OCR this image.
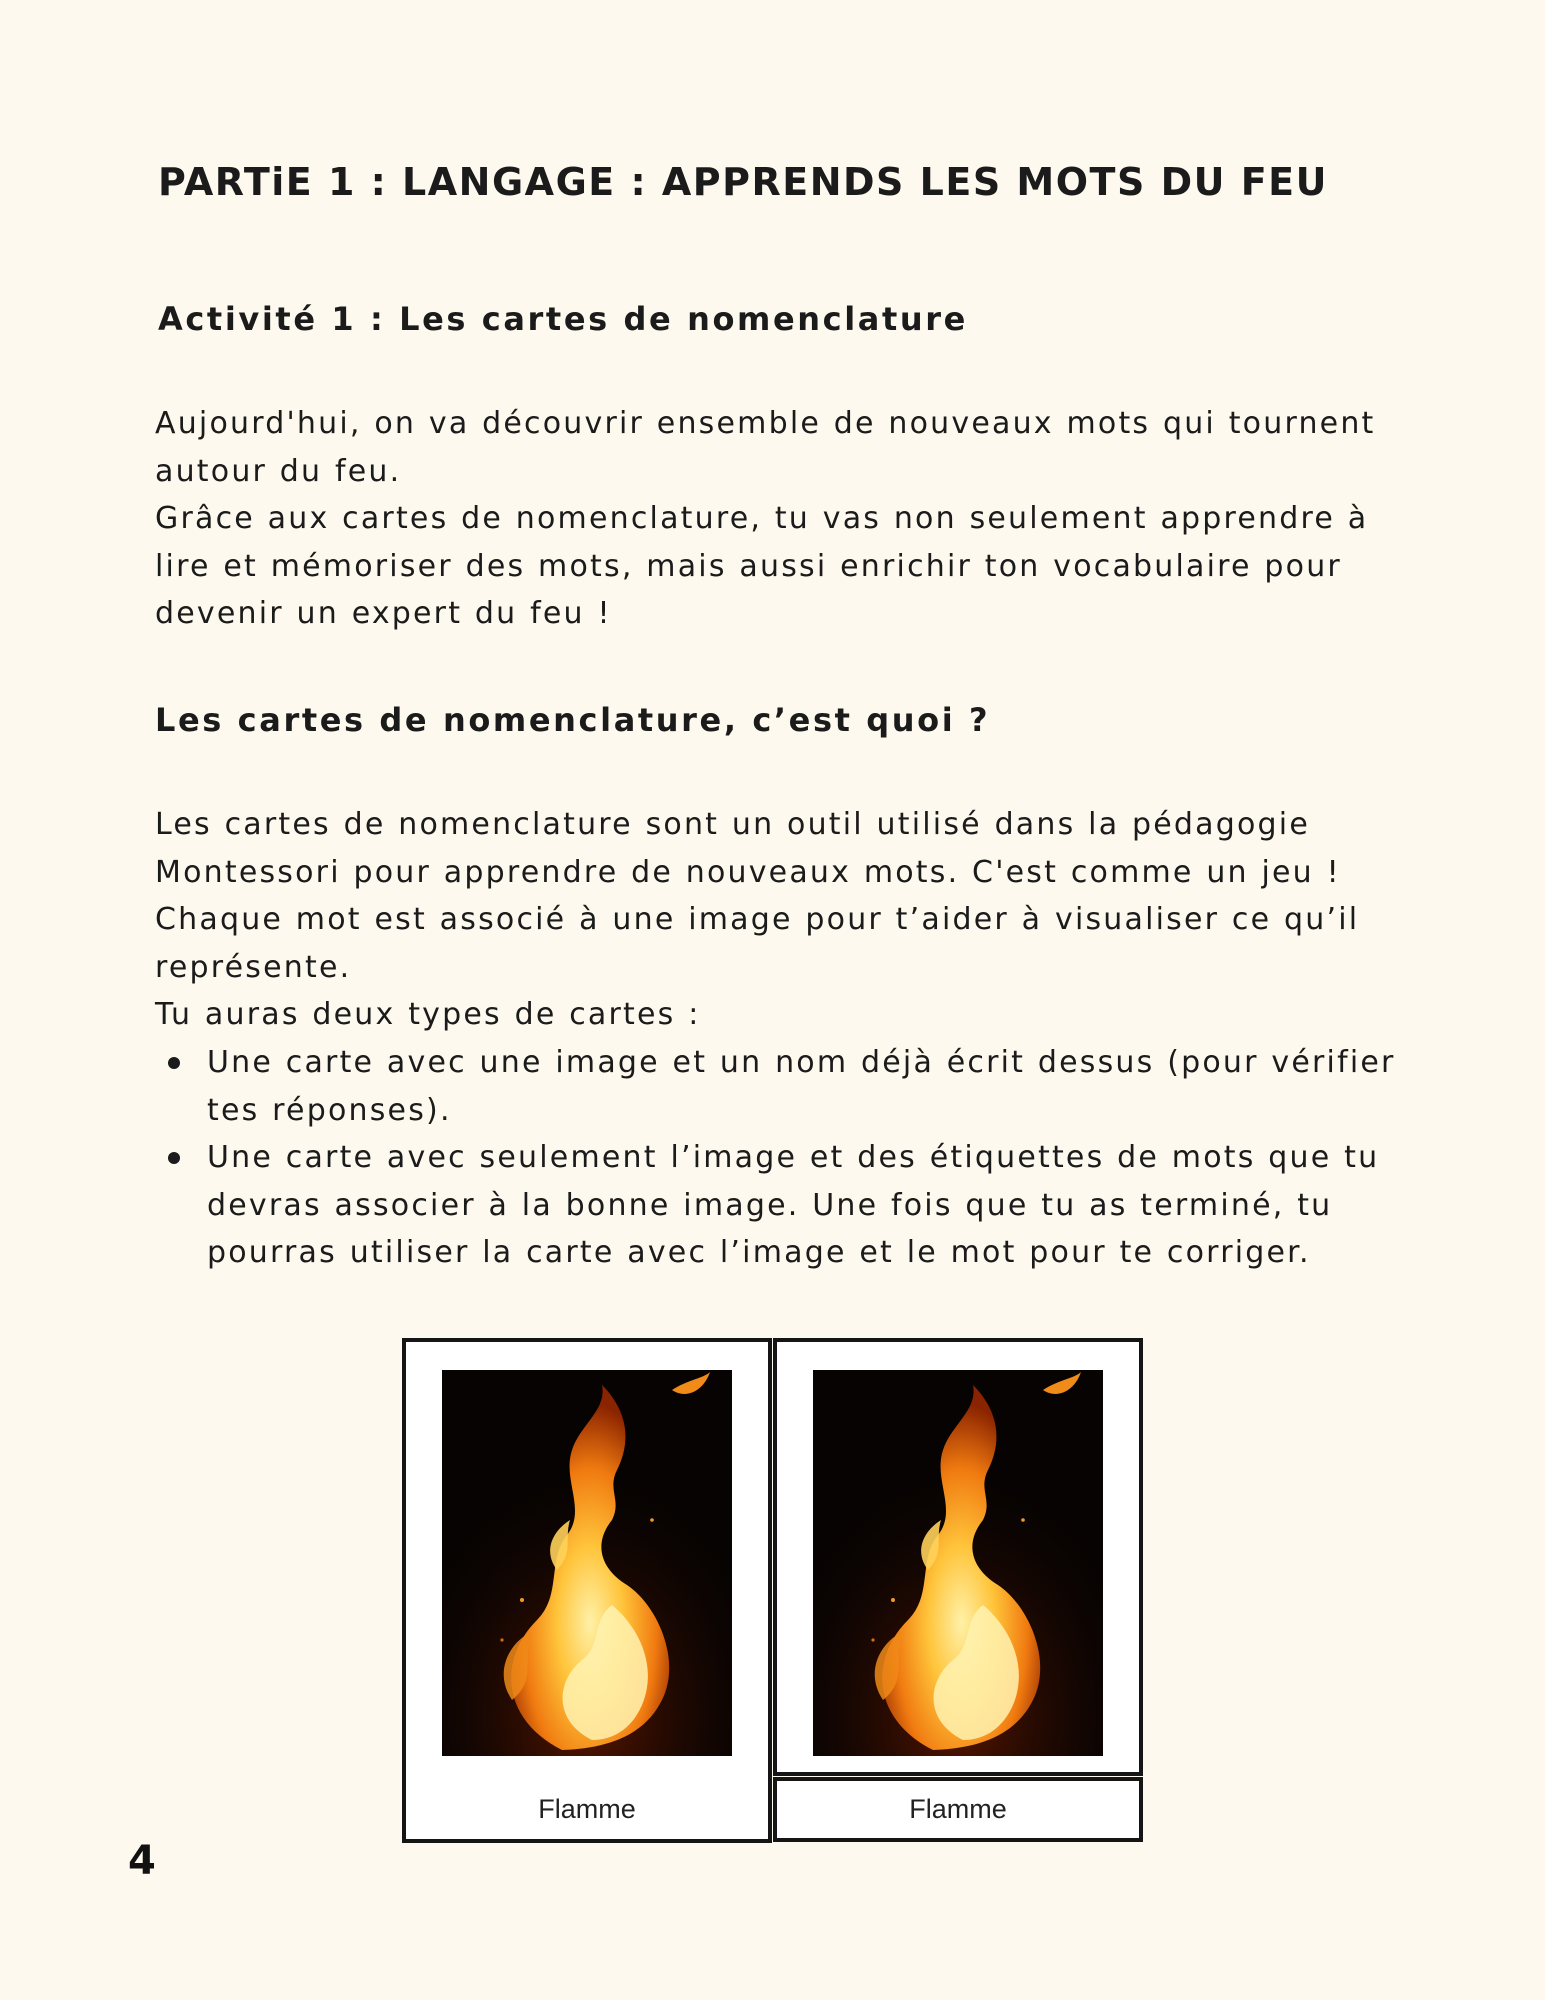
PARTiE 1 : LANGAGE : APPRENDS LES MOTS DU FEU
Activité 1 : Les cartes de nomenclature

Aujourd'hui, on va découvrir ensemble de nouveaux mots qui tournent
autour du feu.
Grâce aux cartes de nomenclature, tu vas non seulement apprendre à
lire et mémoriser des mots, mais aussi enrichir ton vocabulaire pour
devenir un expert du feu !

Les cartes de nomenclature, c’est quoi ?

Les cartes de nomenclature sont un outil utilisé dans la pédagogie
Montessori pour apprendre de nouveaux mots. C'est comme un jeu !
Chaque mot est associé à une image pour t’aider à visualiser ce qu’il
représente.
Tu auras deux types de cartes :

Une carte avec une image et un nom déjà écrit dessus (pour vérifier
tes réponses).
Une carte avec seulement l’image et des étiquettes de mots que tu
devras associer à la bonne image. Une fois que tu as terminé, tu
pourras utiliser la carte avec l’image et le mot pour te corriger.
Flamme	Flamme
4
